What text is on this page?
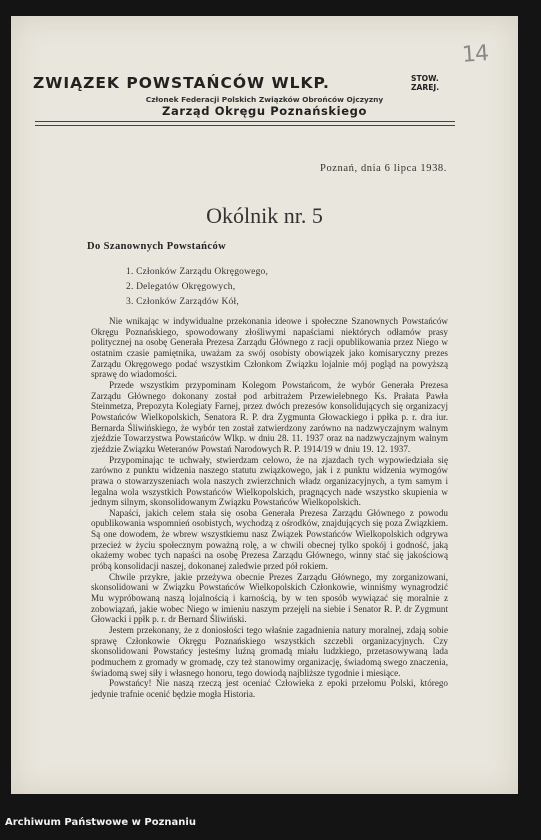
14
ZWIĄZEK POWSTAŃCÓW WLKP.	STOW.
ZAREJ.
Członek Federacji Polskich Związków Obrońców Ojczyzny
Zarząd Okręgu Poznańskiego
Poznań, dnia 6 lipca 1938.
Okólnik nr. 5
Do Szanownych Powstańców
1. Członków Zarządu Okręgowego,
2. Delegatów Okręgowych,
3. Członków Zarządów Kół,

Nie wnikając w indywidualne przekonania ideowe i społeczne Szanownych Powstańców Okręgu Poznańskiego, spowodowany złośliwymi napaściami niektórych odłamów prasy politycznej na osobę Generała Prezesa Zarządu Głównego z racji opublikowania przez Niego w ostatnim czasie pamiętnika, uważam za swój osobisty obowiązek jako komisaryczny prezes Zarządu Okręgowego podać wszystkim Członkom Związku lojalnie mój pogląd na powyższą sprawę do wiadomości.

Przede wszystkim przypominam Kolegom Powstańcom, że wybór Generała Prezesa Zarządu Głównego dokonany został pod arbitrażem Przewielebnego Ks. Prałata Pawła Steinmetza, Prepozyta Kolegiaty Farnej, przez dwóch prezesów konsolidujących się organizacyj Powstańców Wielkopolskich, Senatora R. P. dra Zygmunta Głowackiego i ppłka p. r. dra iur. Bernarda Śliwińskiego, że wybór ten został zatwierdzony zarówno na nadzwyczajnym walnym zjeździe Towarzystwa Powstańców Wlkp. w dniu 28. 11. 1937 oraz na nadzwyczajnym walnym zjeździe Związku Weteranów Powstań Narodowych R. P. 1914/19 w dniu 19. 12. 1937.

Przypominając te uchwały, stwierdzam celowo, że na zjazdach tych wypowiedziała się zarówno z punktu widzenia naszego statutu związkowego, jak i z punktu widzenia wymogów prawa o stowarzyszeniach wola naszych zwierzchnich władz organizacyjnych, a tym samym i legalna wola wszystkich Powstańców Wielkopolskich, pragnących nade wszystko skupienia w jednym silnym, skonsolidowanym Związku Powstańców Wielkopolskich.

Napaści, jakich celem stała się osoba Generała Prezesa Zarządu Głównego z powodu opublikowania wspomnień osobistych, wychodzą z ośrodków, znajdujących się poza Związkiem. Są one dowodem, że wbrew wszystkiemu nasz Związek Powstańców Wielkopolskich odgrywa przecież w życiu społecznym poważną rolę, a w chwili obecnej tylko spokój i godność, jaką okażemy wobec tych napaści na osobę Prezesa Zarządu Głównego, winny stać się jakościową próbą konsolidacji naszej, dokonanej zaledwie przed pół rokiem.

Chwile przykre, jakie przeżywa obecnie Prezes Zarządu Głównego, my zorganizowani, skonsolidowani w Związku Powstańców Wielkopolskich Członkowie, winniśmy wynagrodzić Mu wypróbowaną naszą lojalnością i karnością, by w ten sposób wywiązać się moralnie z zobowiązań, jakie wobec Niego w imieniu naszym przejęli na siebie i Senator R. P. dr Zygmunt Głowacki i ppłk p. r. dr Bernard Śliwiński.

Jestem przekonany, że z doniosłości tego właśnie zagadnienia natury moralnej, zdają sobie sprawę Członkowie Okręgu Poznańskiego wszystkich szczebli organizacyjnych. Czy skonsolidowani Powstańcy jesteśmy luźną gromadą miału ludzkiego, przetasowywaną lada podmuchem z gromady w gromadę, czy też stanowimy organizację, świadomą swego znaczenia, świadomą swej siły i własnego honoru, tego dowiodą najbliższe tygodnie i miesiące.

Powstańcy! Nie naszą rzeczą jest oceniać Człowieka z epoki przełomu Polski, którego jedynie trafnie ocenić będzie mogła Historia.

Archiwum Państwowe w Poznaniu
